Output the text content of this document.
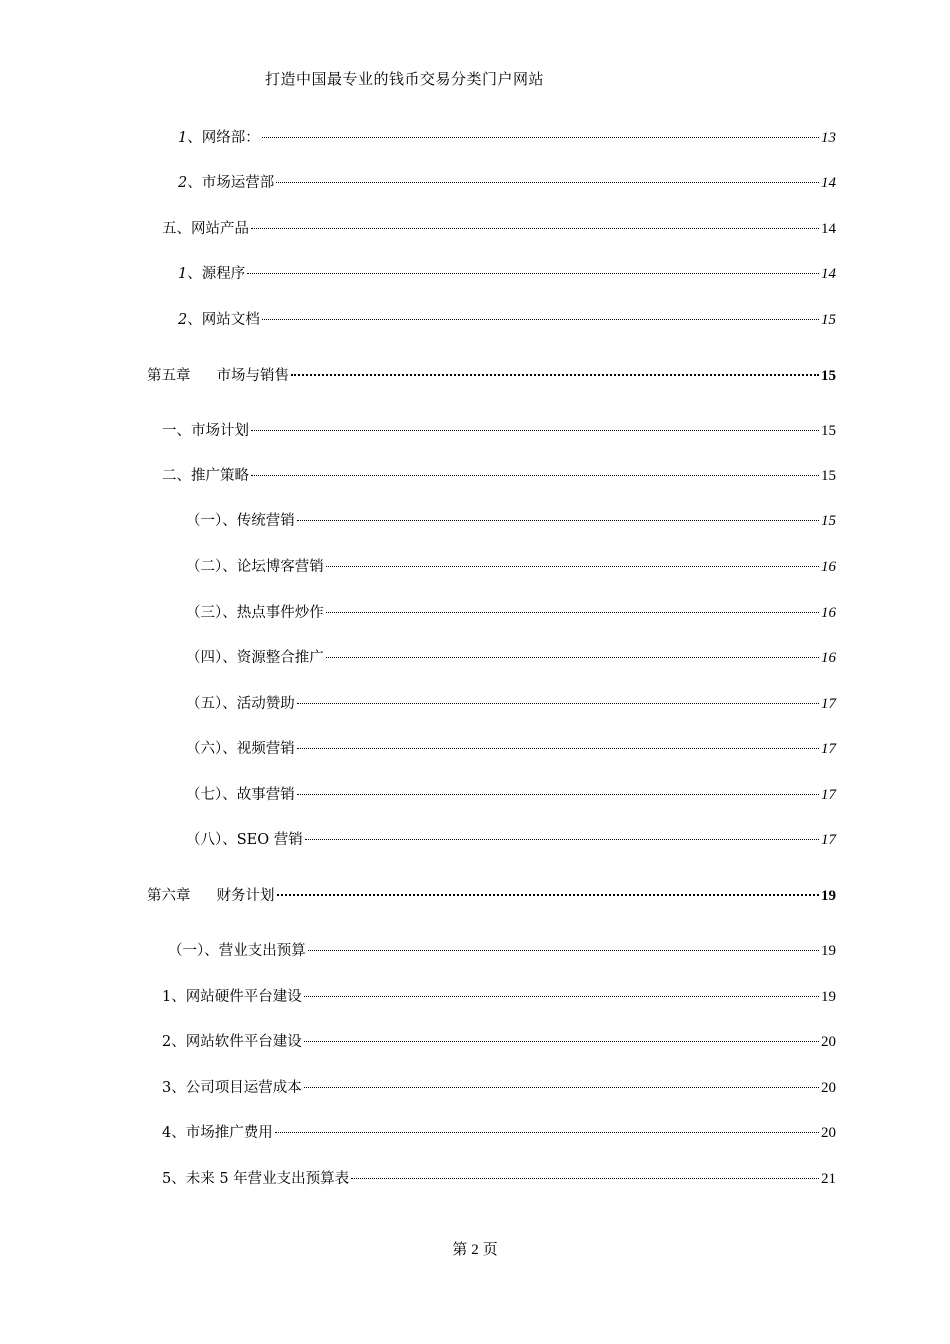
打造中国最专业的钱币交易分类门户网站
1、网络部：	13
2、市场运营部	14
五、网站产品	14
1、源程序	14
2、网站文档	15
第五章 市场与销售	15
一、市场计划	15
二、推广策略	15
（一）、传统营销	15
（二）、论坛博客营销	16
（三）、热点事件炒作	16
（四）、资源整合推广	16
（五）、活动赞助	17
（六）、视频营销	17
（七）、故事营销	17
（八）、SEO 营销	17
第六章 财务计划	19
（一）、营业支出预算	19
1、网站硬件平台建设	19
2、网站软件平台建设	20
3、公司项目运营成本	20
4、市场推广费用	20
5、未来 5 年营业支出预算表	21
第 2 页
